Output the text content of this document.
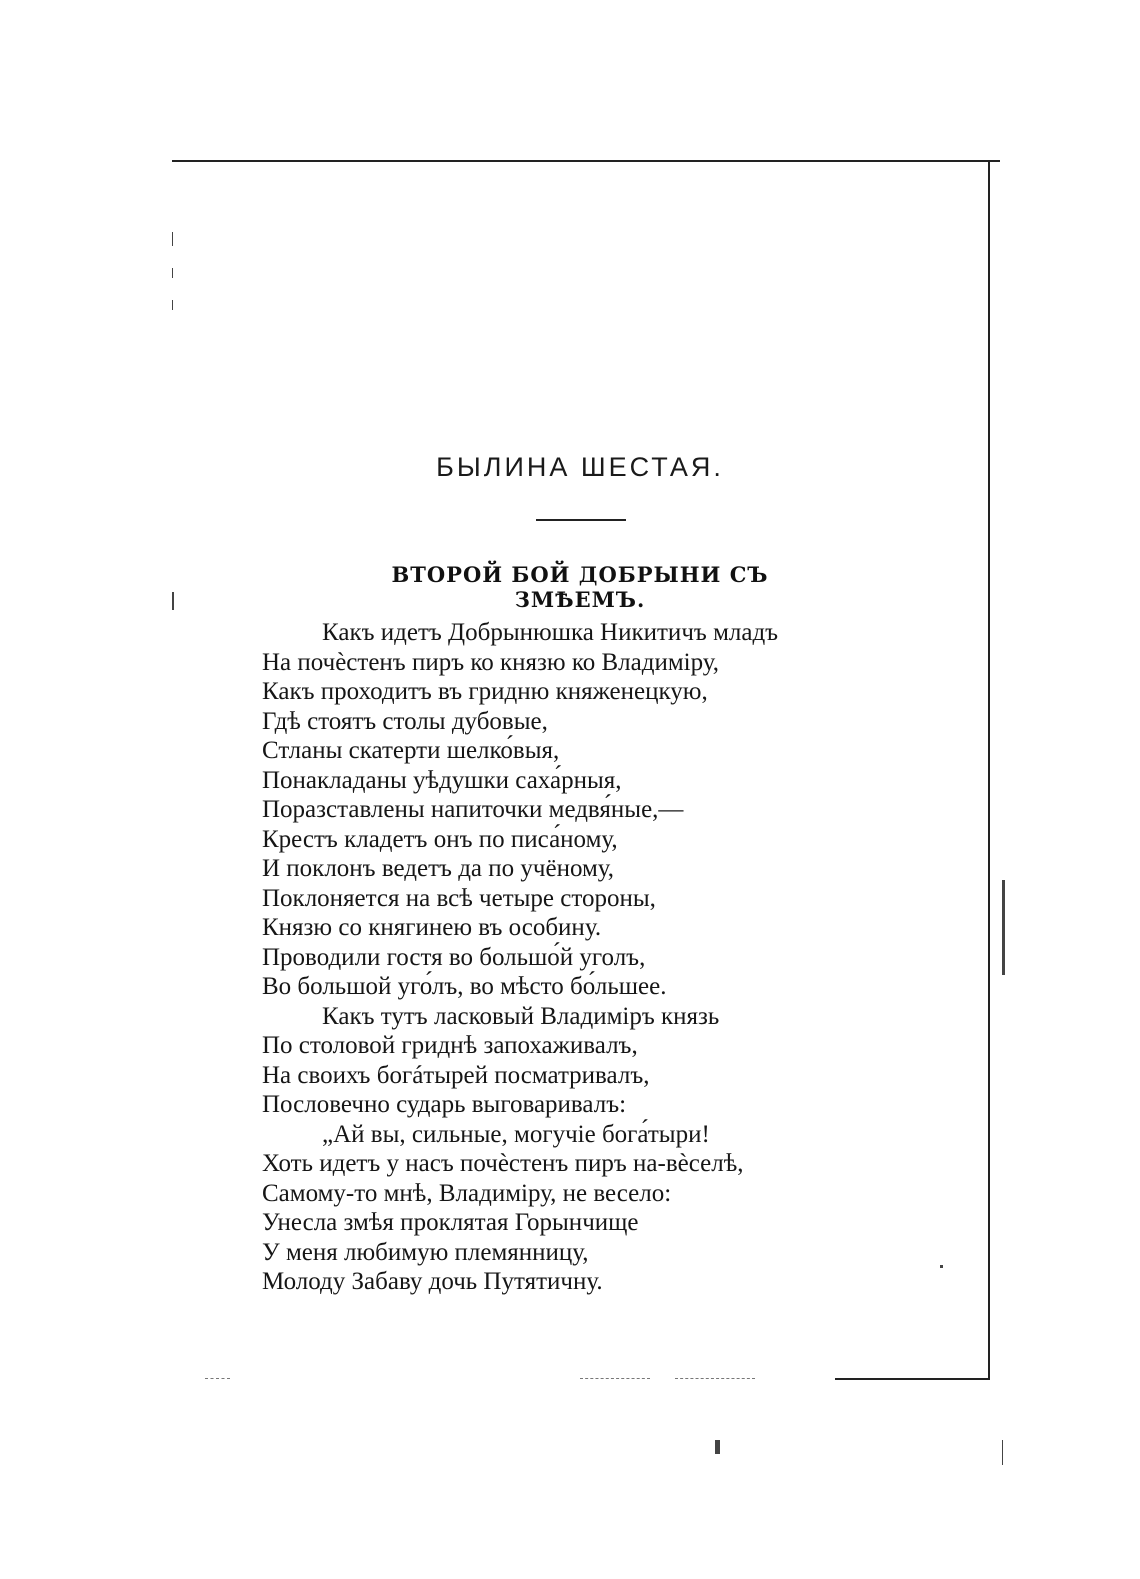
БЫЛИНА ШЕСТАЯ.
ВТОРОЙ БОЙ ДОБРЫНИ СЪ ЗМѢЕМЪ.
Какъ идетъ Добрынюшка Никитичъ младъ
На почѐстенъ пиръ ко князю ко Владиміру,
Какъ проходитъ въ гридню княженецкую,
Гдѣ стоятъ столы дубовые,
Стланы скатерти шелко́выя,
Понакладаны уѣдушки саха́рныя,
Поразставлены напиточки медвя́ные,—
Крестъ кладетъ онъ по писа́ному,
И поклонъ ведетъ да по учёному,
Поклоняется на всѣ четыре стороны,
Князю со княгинею въ особину.
Проводили гостя во большо́й уголъ,
Во большой уго́лъ, во мѣсто бо́льшее.
Какъ тутъ ласковый Владиміръ князь
По столовой гриднѣ запохаживалъ,
На своихъ богáтырей посматривалъ,
Пословечно сударь выговаривалъ:
„Ай вы, сильные, могучіе бога́тыри!
Хоть идетъ у насъ почѐстенъ пиръ на-вѐселѣ,
Самому-то мнѣ, Владиміру, не весело:
Унесла змѣя проклятая Горынчище
У меня любимую племянницу,
Молоду Забаву дочь Путятичну.
